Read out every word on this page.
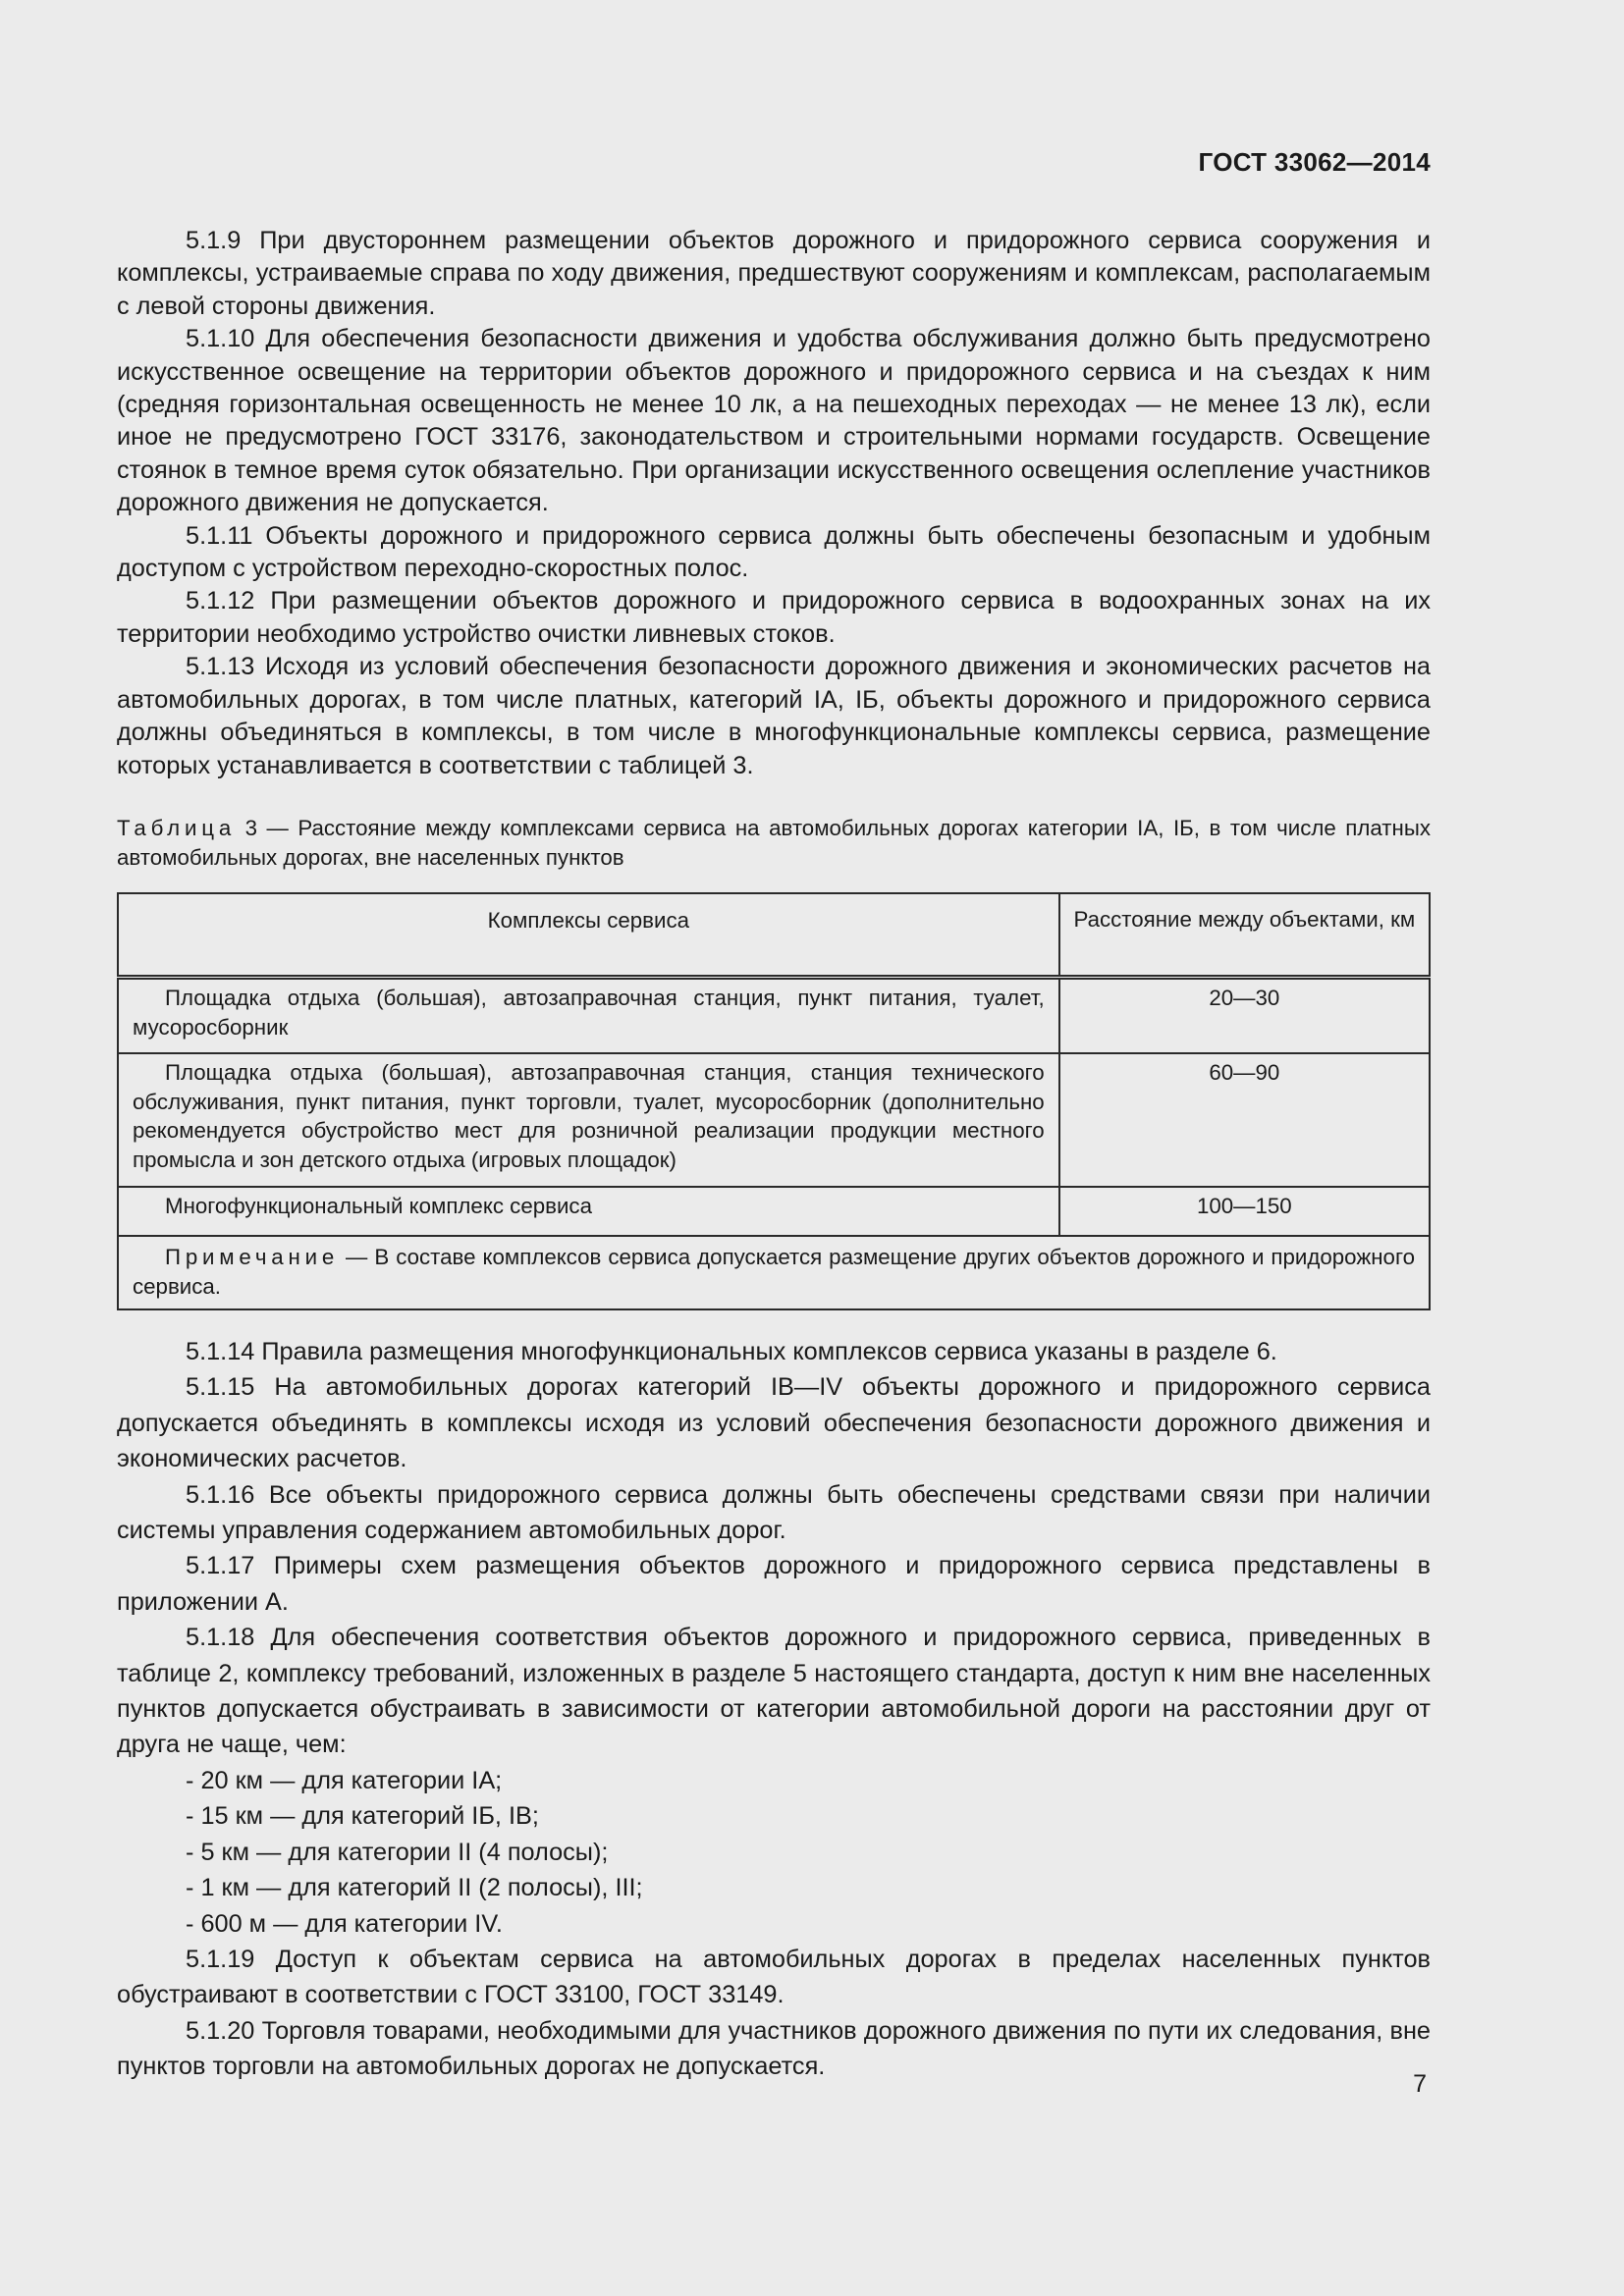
ГОСТ 33062—2014

5.1.9 При двустороннем размещении объектов дорожного и придорожного сервиса сооружения и комплексы, устраиваемые справа по ходу движения, предшествуют сооружениям и комплексам, располагаемым с левой стороны движения.

5.1.10 Для обеспечения безопасности движения и удобства обслуживания должно быть предусмотрено искусственное освещение на территории объектов дорожного и придорожного сервиса и на съездах к ним (средняя горизонтальная освещенность не менее 10 лк, а на пешеходных переходах — не менее 13 лк), если иное не предусмотрено ГОСТ 33176, законодательством и строительными нормами государств. Освещение стоянок в темное время суток обязательно. При организации искусственного освещения ослепление участников дорожного движения не допускается.

5.1.11 Объекты дорожного и придорожного сервиса должны быть обеспечены безопасным и удобным доступом с устройством переходно-скоростных полос.

5.1.12 При размещении объектов дорожного и придорожного сервиса в водоохранных зонах на их территории необходимо устройство очистки ливневых стоков.

5.1.13 Исходя из условий обеспечения безопасности дорожного движения и экономических расчетов на автомобильных дорогах, в том числе платных, категорий IA, IБ, объекты дорожного и придорожного сервиса должны объединяться в комплексы, в том числе в многофункциональные комплексы сервиса, размещение которых устанавливается в соответствии с таблицей 3.

Таблица 3 — Расстояние между комплексами сервиса на автомобильных дорогах категории IA, IБ, в том числе платных автомобильных дорогах, вне населенных пунктов
Комплексы сервиса	Расстояние между объектами, км

Площадка отдыха (большая), автозаправочная станция, пункт питания, туалет, мусоросборник	20—30

Площадка отдыха (большая), автозаправочная станция, станция технического обслуживания, пункт питания, пункт торговли, туалет, мусоросборник (дополнительно рекомендуется обустройство мест для розничной реализации продукции местного промысла и зон детского отдыха (игровых площадок)	60—90

Многофункциональный комплекс сервиса	100—150

Примечание — В составе комплексов сервиса допускается размещение других объектов дорожного и придорожного сервиса.	

5.1.14 Правила размещения многофункциональных комплексов сервиса указаны в разделе 6.

5.1.15 На автомобильных дорогах категорий IB—IV объекты дорожного и придорожного сервиса допускается объединять в комплексы исходя из условий обеспечения безопасности дорожного движения и экономических расчетов.

5.1.16 Все объекты придорожного сервиса должны быть обеспечены средствами связи при наличии системы управления содержанием автомобильных дорог.

5.1.17 Примеры схем размещения объектов дорожного и придорожного сервиса представлены в приложении А.

5.1.18 Для обеспечения соответствия объектов дорожного и придорожного сервиса, приведенных в таблице 2, комплексу требований, изложенных в разделе 5 настоящего стандарта, доступ к ним вне населенных пунктов допускается обустраивать в зависимости от категории автомобильной дороги на расстоянии друг от друга не чаще, чем:

- 20 км — для категории IA;

- 15 км — для категорий IБ, IB;

- 5 км — для категории II (4 полосы);

- 1 км — для категорий II (2 полосы), III;

- 600 м — для категории IV.

5.1.19 Доступ к объектам сервиса на автомобильных дорогах в пределах населенных пунктов обустраивают в соответствии с ГОСТ 33100, ГОСТ 33149.

5.1.20 Торговля товарами, необходимыми для участников дорожного движения по пути их следования, вне пунктов торговли на автомобильных дорогах не допускается.

7
